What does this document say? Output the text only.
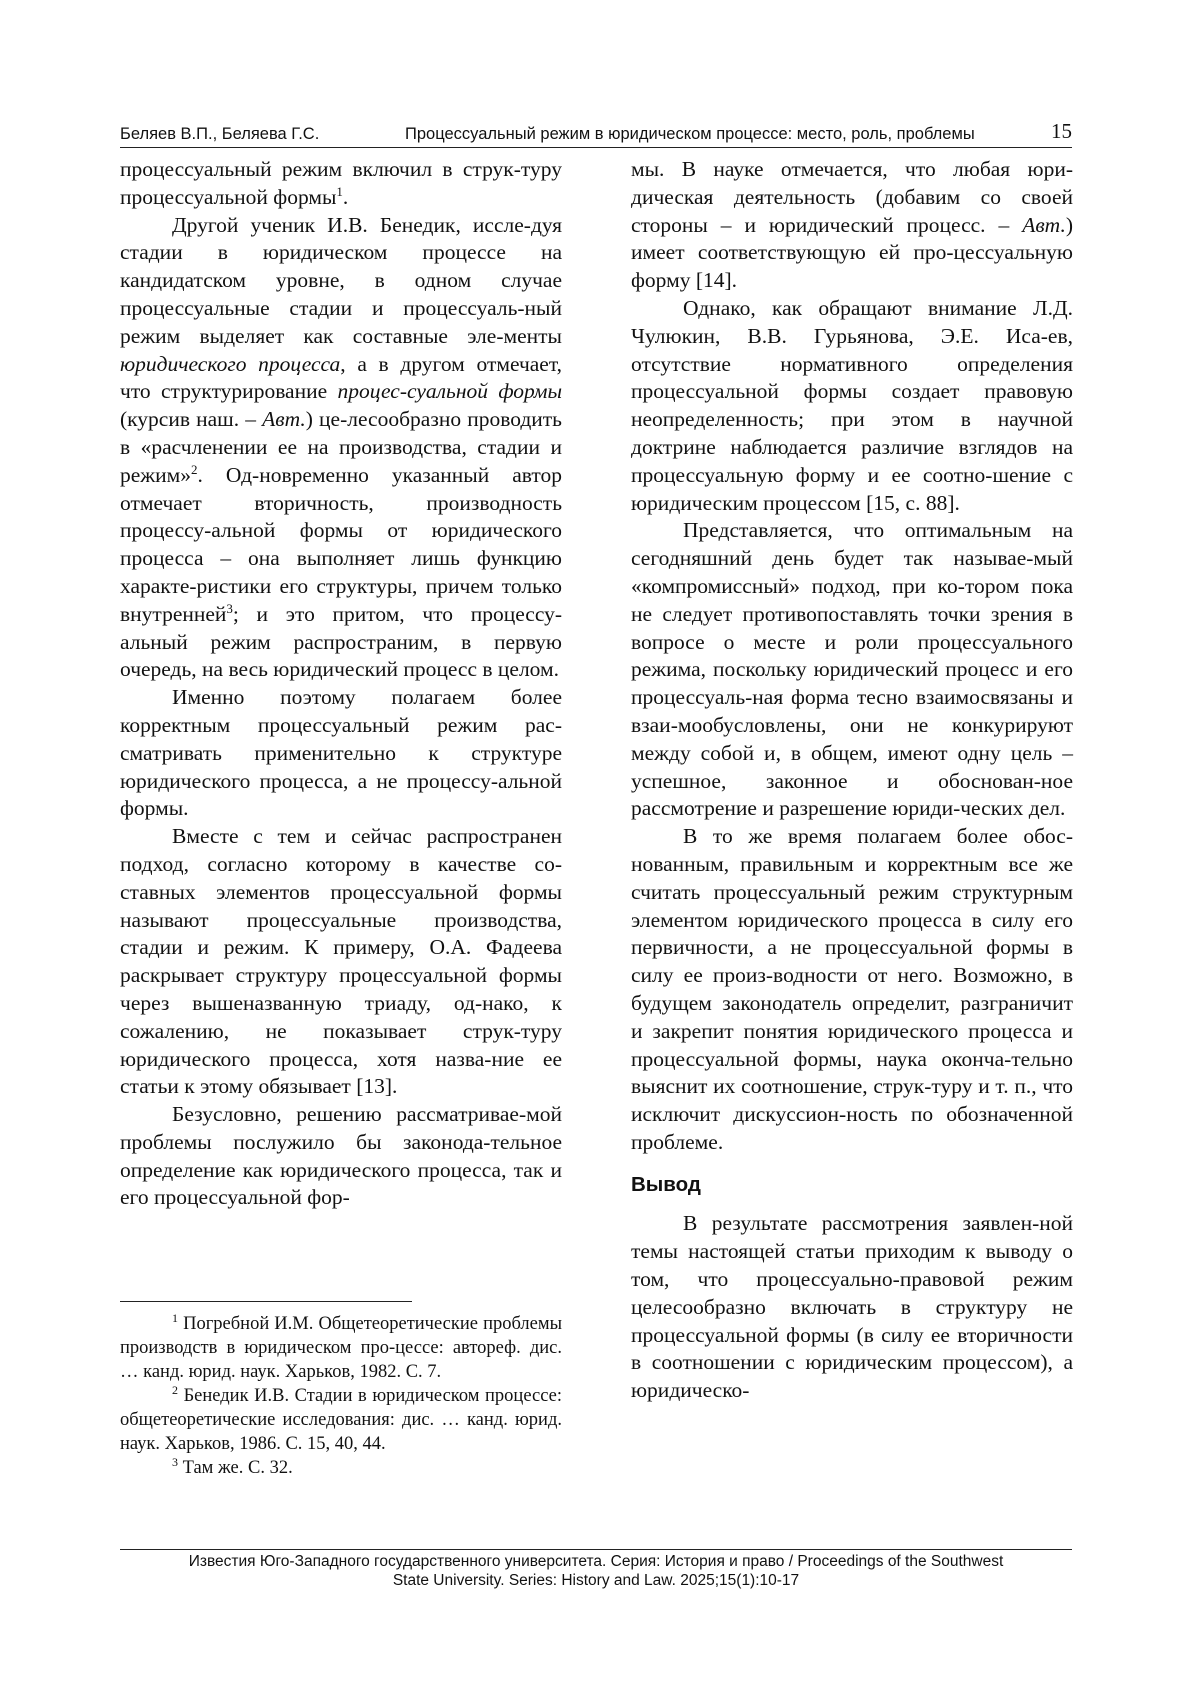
Беляев В.П., Беляева Г.С.	Процессуальный режим в юридическом процессе: место, роль, проблемы	15

процессуальный режим включил в струк-туру процессуальной формы$^1$.

Другой ученик И.В. Бенедик, иссле-дуя стадии в юридическом процессе на кандидатском уровне, в одном случае процессуальные стадии и процессуаль-ный режим выделяет как составные эле-менты юридического процесса, а в другом отмечает, что структурирование процес-суальной формы (курсив наш. – Авт.) це-лесообразно проводить в «расчленении ее на производства, стадии и режим»$^2$. Од-новременно указанный автор отмечает вторичность, производность процессу-альной формы от юридического процесса – она выполняет лишь функцию характе-ристики его структуры, причем только внутренней$^3$; и это притом, что процессу-альный режим распространим, в первую очередь, на весь юридический процесс в целом.

Именно поэтому полагаем более корректным процессуальный режим рас-сматривать применительно к структуре юридического процесса, а не процессу-альной формы.

Вместе с тем и сейчас распространен подход, согласно которому в качестве со-ставных элементов процессуальной формы называют процессуальные производства, стадии и режим. К примеру, О.А. Фадеева раскрывает структуру процессуальной формы через вышеназванную триаду, од-нако, к сожалению, не показывает струк-туру юридического процесса, хотя назва-ние ее статьи к этому обязывает [13].

Безусловно, решению рассматривае-мой проблемы послужило бы законода-тельное определение как юридического процесса, так и его процессуальной фор-

мы. В науке отмечается, что любая юри-дическая деятельность (добавим со своей стороны – и юридический процесс. – Авт.) имеет соответствующую ей про-цессуальную форму [14].

Однако, как обращают внимание Л.Д. Чулюкин, В.В. Гурьянова, Э.Е. Иса-ев, отсутствие нормативного определения процессуальной формы создает правовую неопределенность; при этом в научной доктрине наблюдается различие взглядов на процессуальную форму и ее соотно-шение с юридическим процессом [15, с. 88].

Представляется, что оптимальным на сегодняшний день будет так называе-мый «компромиссный» подход, при ко-тором пока не следует противопоставлять точки зрения в вопросе о месте и роли процессуального режима, поскольку юридический процесс и его процессуаль-ная форма тесно взаимосвязаны и взаи-мообусловлены, они не конкурируют между собой и, в общем, имеют одну цель – успешное, законное и обоснован-ное рассмотрение и разрешение юриди-ческих дел.

В то же время полагаем более обос-нованным, правильным и корректным все же считать процессуальный режим структурным элементом юридического процесса в силу его первичности, а не процессуальной формы в силу ее произ-водности от него. Возможно, в будущем законодатель определит, разграничит и закрепит понятия юридического процесса и процессуальной формы, наука оконча-тельно выяснит их соотношение, струк-туру и т. п., что исключит дискуссион-ность по обозначенной проблеме.

Вывод

В результате рассмотрения заявлен-ной темы настоящей статьи приходим к выводу о том, что процессуально-правовой режим целесообразно включать в структуру не процессуальной формы (в силу ее вторичности в соотношении с юридическим процессом), а юридическо-

$^1$ Погребной И.М. Общетеоретические проблемы производств в юридическом про-цессе: автореф. дис. … канд. юрид. наук. Харьков, 1982. С. 7.

$^2$ Бенедик И.В. Стадии в юридическом процессе: общетеоретические исследования: дис. … канд. юрид. наук. Харьков, 1986. С. 15, 40, 44.

$^3$ Там же. С. 32.

Известия Юго-Западного государственного университета. Серия: История и право / Proceedings of the Southwest
State University. Series: History and Law. 2025;15(1):10-17
